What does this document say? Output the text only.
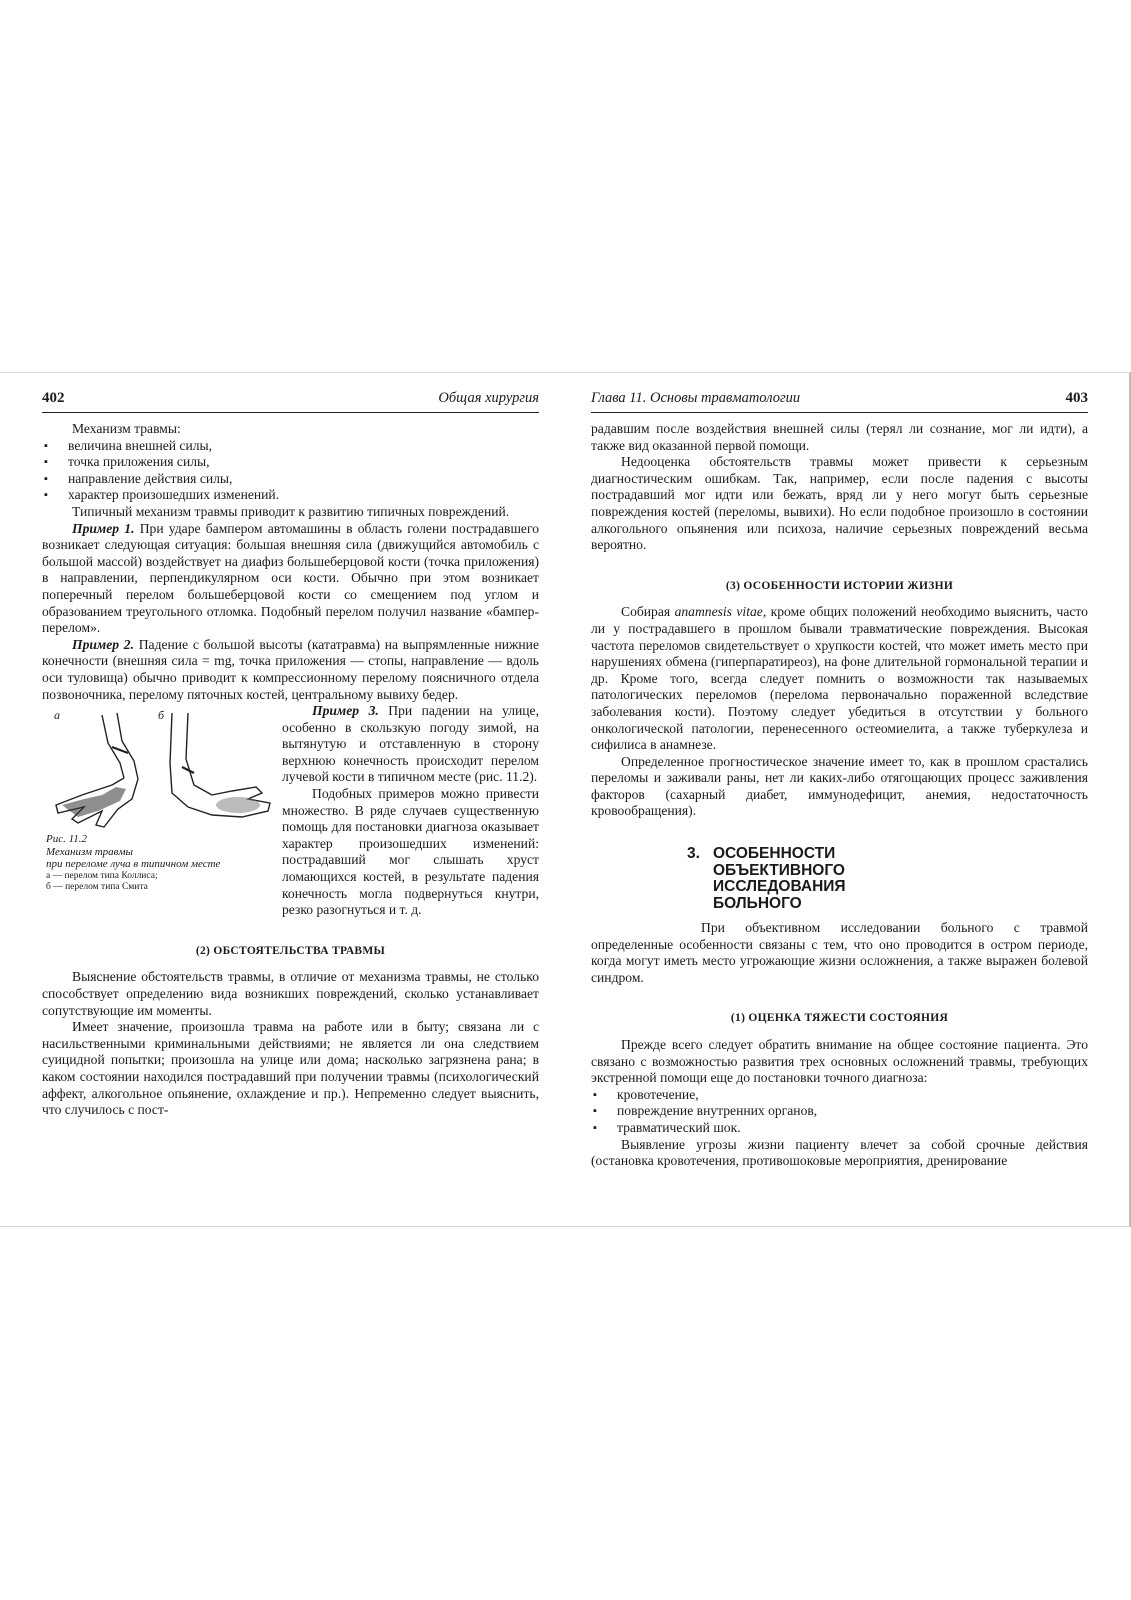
402	Общая хирургия

Механизм травмы:

▪ величина внешней силы,
▪ точка приложения силы,
▪ направление действия силы,
▪ характер произошедших изменений.

Типичный механизм травмы приводит к развитию типичных повреждений.

Пример 1. При ударе бампером автомашины в область голени пострадавшего возникает следующая ситуация: большая внешняя сила (движущийся автомобиль с большой массой) воздействует на диафиз большеберцовой кости (точка приложения) в направлении, перпендикулярном оси кости. Обычно при этом возникает поперечный перелом большеберцовой кости со смещением под углом и образованием треугольного отломка. Подобный перелом получил название «бампер-перелом».

Пример 2. Падение с большой высоты (кататравма) на выпрямленные нижние конечности (внешняя сила = mg, точка приложения — стопы, направление — вдоль оси туловища) обычно приводит к компрессионному перелому поясничного отдела позвоночника, перелому пяточных костей, центральному вывиху бедер.

а	б
Рис. 11.2
Механизм травмы
при переломе луча в типичном месте
а — перелом типа Коллиса;
б — перелом типа Смита

Пример 3. При падении на улице, особенно в скользкую погоду зимой, на вытянутую и отставленную в сторону верхнюю конечность происходит перелом лучевой кости в типичном месте (рис. 11.2).

Подобных примеров можно привести множество. В ряде случаев существенную помощь для постановки диагноза оказывает характер произошедших изменений: пострадавший мог слышать хруст ломающихся костей, в результате падения конечность могла подвернуться кнутри, резко разогнуться и т. д.

(2) ОБСТОЯТЕЛЬСТВА ТРАВМЫ

Выяснение обстоятельств травмы, в отличие от механизма травмы, не столько способствует определению вида возникших повреждений, сколько устанавливает сопутствующие им моменты.

Имеет значение, произошла травма на работе или в быту; связана ли с насильственными криминальными действиями; не является ли она следствием суицидной попытки; произошла на улице или дома; насколько загрязнена рана; в каком состоянии находился пострадавший при получении травмы (психологический аффект, алкогольное опьянение, охлаждение и пр.). Непременно следует выяснить, что случилось с пост-

Глава 11. Основы травматологии	403

радавшим после воздействия внешней силы (терял ли сознание, мог ли идти), а также вид оказанной первой помощи.

Недооценка обстоятельств травмы может привести к серьезным диагностическим ошибкам. Так, например, если после падения с высоты пострадавший мог идти или бежать, вряд ли у него могут быть серьезные повреждения костей (переломы, вывихи). Но если подобное произошло в состоянии алкогольного опьянения или психоза, наличие серьезных повреждений весьма вероятно.

(3) ОСОБЕННОСТИ ИСТОРИИ ЖИЗНИ

Собирая anamnesis vitae, кроме общих положений необходимо выяснить, часто ли у пострадавшего в прошлом бывали травматические повреждения. Высокая частота переломов свидетельствует о хрупкости костей, что может иметь место при нарушениях обмена (гиперпаратиреоз), на фоне длительной гормональной терапии и др. Кроме того, всегда следует помнить о возможности так называемых патологических переломов (перелома первоначально пораженной вследствие заболевания кости). Поэтому следует убедиться в отсутствии у больного онкологической патологии, перенесенного остеомиелита, а также туберкулеза и сифилиса в анамнезе.

Определенное прогностическое значение имеет то, как в прошлом срастались переломы и заживали раны, нет ли каких-либо отягощающих процесс заживления факторов (сахарный диабет, иммунодефицит, анемия, недостаточность кровообращения).

3. ОСОБЕННОСТИ
ОБЪЕКТИВНОГО
ИССЛЕДОВАНИЯ
БОЛЬНОГО

При объективном исследовании больного с травмой определенные особенности связаны с тем, что оно проводится в остром периоде, когда могут иметь место угрожающие жизни осложнения, а также выражен болевой синдром.

(1) ОЦЕНКА ТЯЖЕСТИ СОСТОЯНИЯ

Прежде всего следует обратить внимание на общее состояние пациента. Это связано с возможностью развития трех основных осложнений травмы, требующих экстренной помощи еще до постановки точного диагноза:

▪ кровотечение,
▪ повреждение внутренних органов,
▪ травматический шок.

Выявление угрозы жизни пациенту влечет за собой срочные действия (остановка кровотечения, противошоковые мероприятия, дренирование
